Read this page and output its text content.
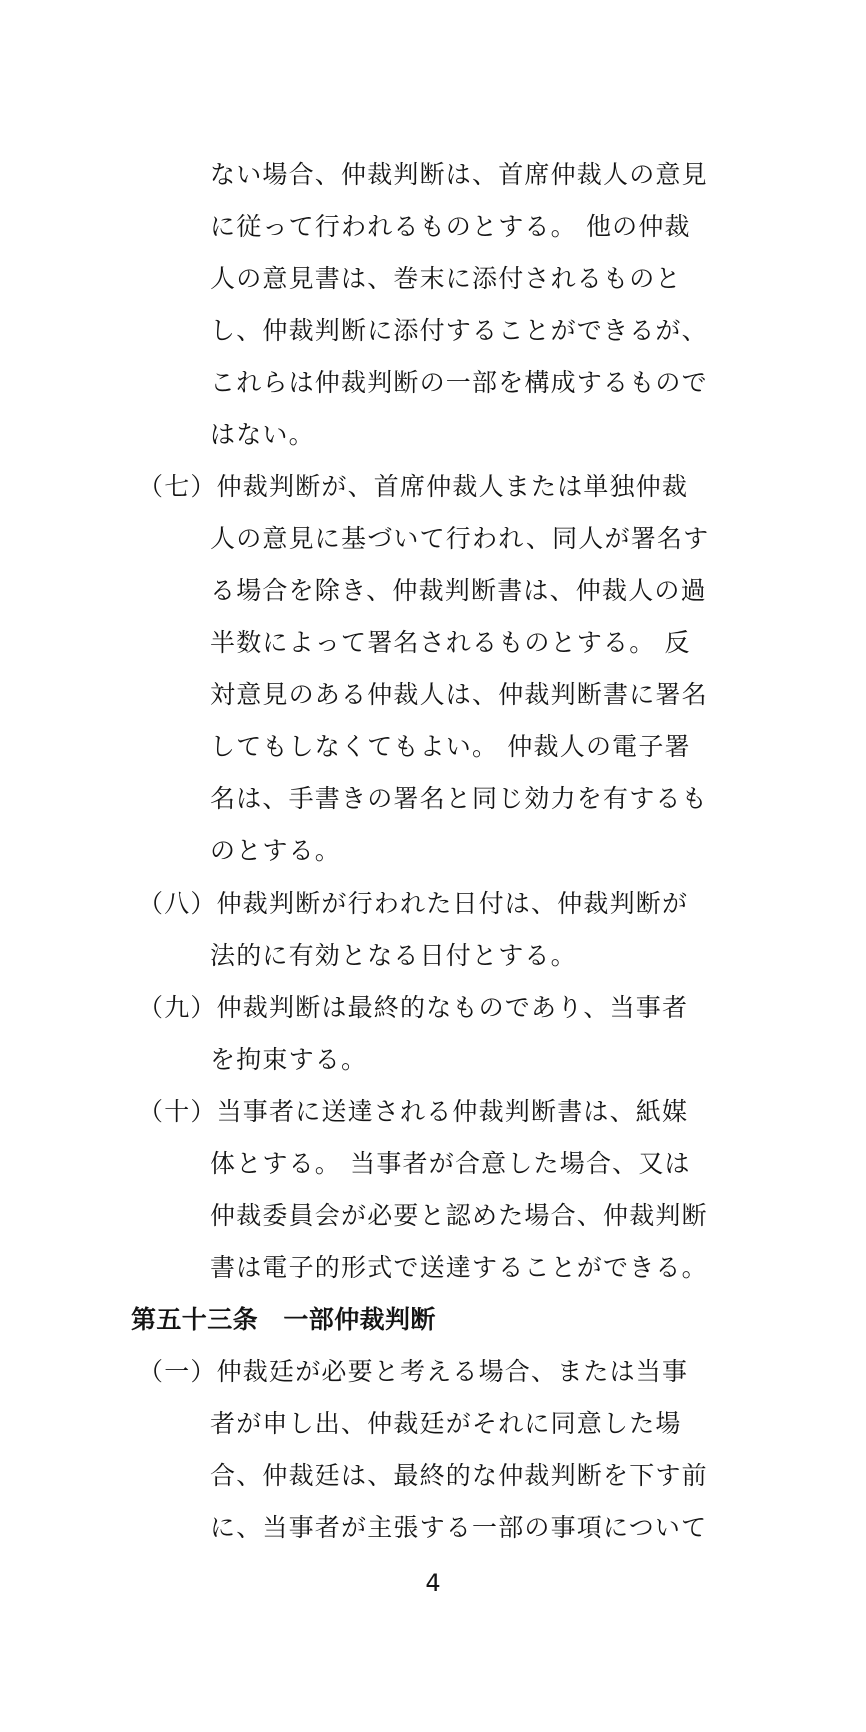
ない場合、仲裁判断は、首席仲裁人の意見
に従って行われるものとする。 他の仲裁
人の意見書は、巻末に添付されるものと
し、仲裁判断に添付することができるが、
これらは仲裁判断の一部を構成するもので
はない。
（七）仲裁判断が、首席仲裁人または単独仲裁
人の意見に基づいて行われ、同人が署名す
る場合を除き、仲裁判断書は、仲裁人の過
半数によって署名されるものとする。 反
対意見のある仲裁人は、仲裁判断書に署名
してもしなくてもよい。 仲裁人の電子署
名は、手書きの署名と同じ効力を有するも
のとする。
（八）仲裁判断が行われた日付は、仲裁判断が
法的に有効となる日付とする。
（九）仲裁判断は最終的なものであり、当事者
を拘束する。
（十）当事者に送達される仲裁判断書は、紙媒
体とする。 当事者が合意した場合、又は
仲裁委員会が必要と認めた場合、仲裁判断
書は電子的形式で送達することができる。
第五十三条　一部仲裁判断
（一）仲裁廷が必要と考える場合、または当事
者が申し出、仲裁廷がそれに同意した場
合、仲裁廷は、最終的な仲裁判断を下す前
に、当事者が主張する一部の事項について
4
